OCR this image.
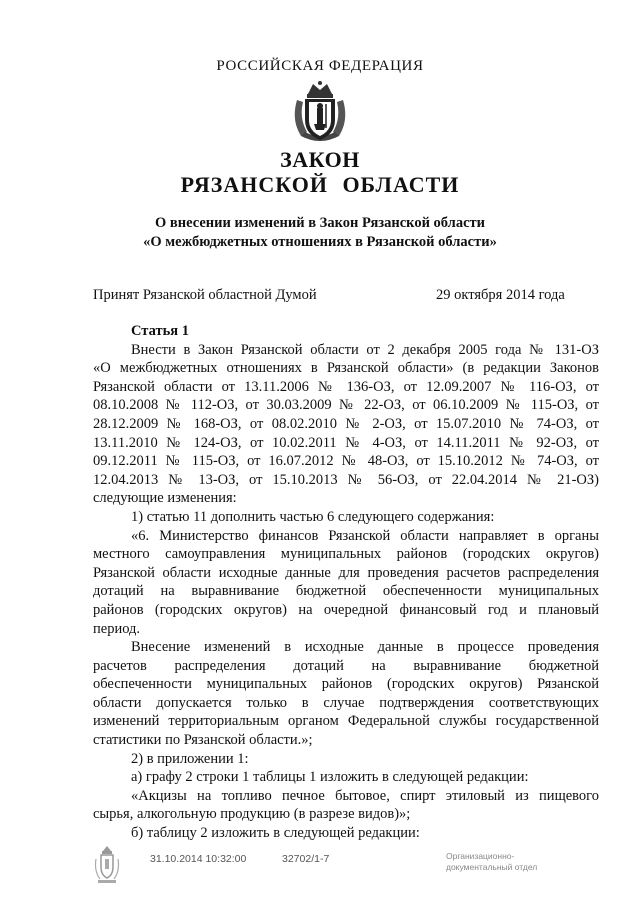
РОССИЙСКАЯ ФЕДЕРАЦИЯ
ЗАКОН
РЯЗАНСКОЙ ОБЛАСТИ
О внесении изменений в Закон Рязанской области
«О межбюджетных отношениях в Рязанской области»
Принят Рязанской областной Думой	29 октября 2014 года

Статья 1

Внести в Закон Рязанской области от 2 декабря 2005 года № 131-ОЗ

«О межбюджетных отношениях в Рязанской области» (в редакции Законов

Рязанской области от 13.11.2006 № 136-ОЗ, от 12.09.2007 № 116-ОЗ, от

08.10.2008 № 112-ОЗ, от 30.03.2009 № 22-ОЗ, от 06.10.2009 № 115-ОЗ, от

28.12.2009 № 168-ОЗ, от 08.02.2010 № 2-ОЗ, от 15.07.2010 № 74-ОЗ, от

13.11.2010 № 124-ОЗ, от 10.02.2011 № 4-ОЗ, от 14.11.2011 № 92-ОЗ, от

09.12.2011 № 115-ОЗ, от 16.07.2012 № 48-ОЗ, от 15.10.2012 № 74-ОЗ, от

12.04.2013 № 13-ОЗ, от 15.10.2013 № 56-ОЗ, от 22.04.2014 № 21-ОЗ)

следующие изменения:

1) статью 11 дополнить частью 6 следующего содержания:

«6. Министерство финансов Рязанской области направляет в органы

местного самоуправления муниципальных районов (городских округов)

Рязанской области исходные данные для проведения расчетов распределения

дотаций на выравнивание бюджетной обеспеченности муниципальных

районов (городских округов) на очередной финансовый год и плановый

период.

Внесение изменений в исходные данные в процессе проведения

расчетов распределения дотаций на выравнивание бюджетной

обеспеченности муниципальных районов (городских округов) Рязанской

области допускается только в случае подтверждения соответствующих

изменений территориальным органом Федеральной службы государственной

статистики по Рязанской области.»;

2) в приложении 1:

а) графу 2 строки 1 таблицы 1 изложить в следующей редакции:

«Акцизы на топливо печное бытовое, спирт этиловый из пищевого

сырья, алкогольную продукцию (в разрезе видов)»;

б) таблицу 2 изложить в следующей редакции:

31.10.2014 10:32:00	32702/1-7	Организационно-
документальный отдел
